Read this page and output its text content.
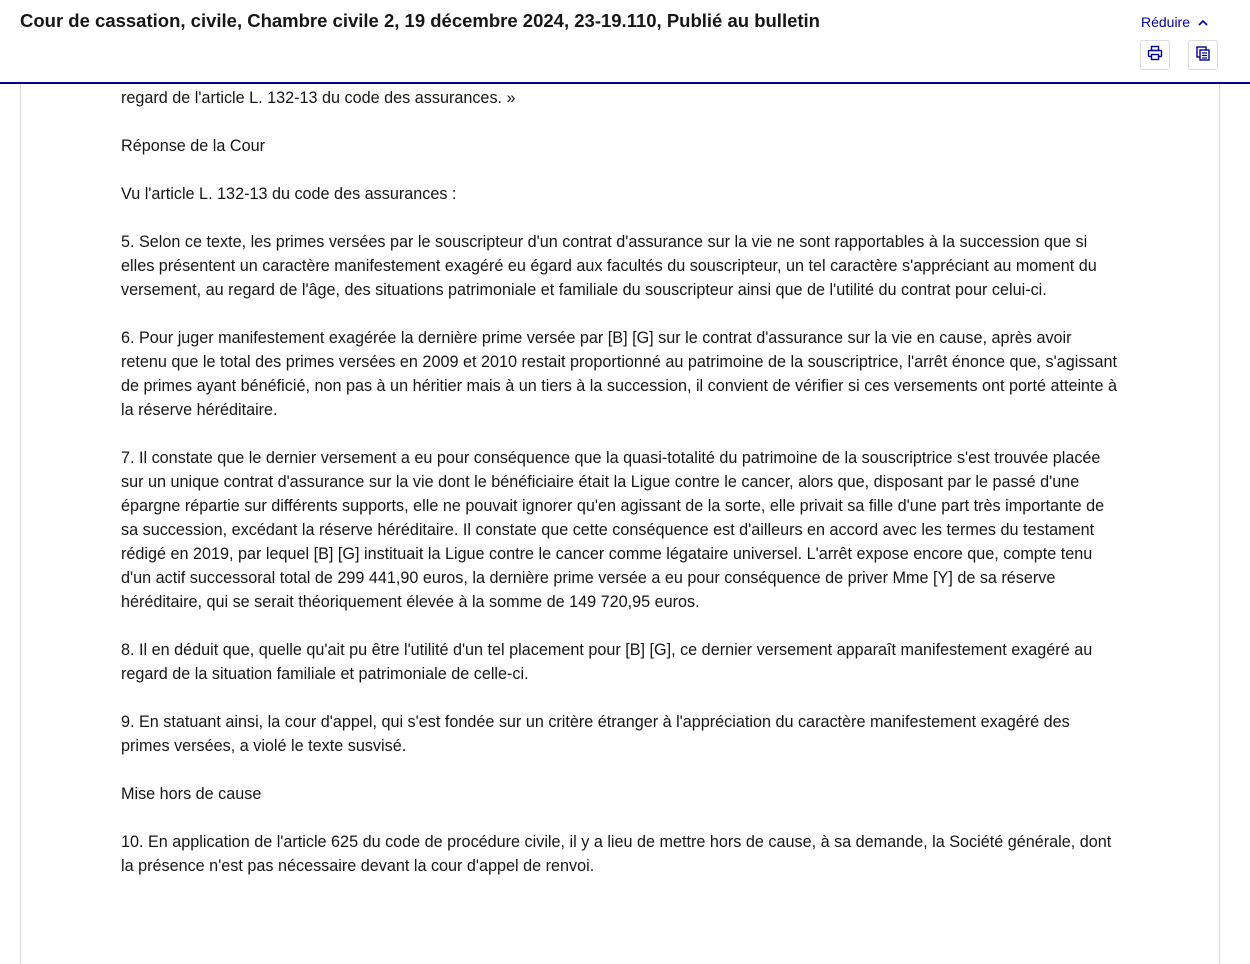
Cour de cassation, civile, Chambre civile 2, 19 décembre 2024, 23-19.110, Publié au bulletin	Réduire

regard de l'article L. 132-13 du code des assurances. »

Réponse de la Cour

Vu l'article L. 132-13 du code des assurances :

5. Selon ce texte, les primes versées par le souscripteur d'un contrat d'assurance sur la vie ne sont rapportables à la succession que si elles présentent un caractère manifestement exagéré eu égard aux facultés du souscripteur, un tel caractère s'appréciant au moment du versement, au regard de l'âge, des situations patrimoniale et familiale du souscripteur ainsi que de l'utilité du contrat pour celui-ci.

6. Pour juger manifestement exagérée la dernière prime versée par [B] [G] sur le contrat d'assurance sur la vie en cause, après avoir retenu que le total des primes versées en 2009 et 2010 restait proportionné au patrimoine de la souscriptrice, l'arrêt énonce que, s'agissant de primes ayant bénéficié, non pas à un héritier mais à un tiers à la succession, il convient de vérifier si ces versements ont porté atteinte à la réserve héréditaire.

7. Il constate que le dernier versement a eu pour conséquence que la quasi-totalité du patrimoine de la souscriptrice s'est trouvée placée sur un unique contrat d'assurance sur la vie dont le bénéficiaire était la Ligue contre le cancer, alors que, disposant par le passé d'une épargne répartie sur différents supports, elle ne pouvait ignorer qu'en agissant de la sorte, elle privait sa fille d'une part très importante de sa succession, excédant la réserve héréditaire. Il constate que cette conséquence est d'ailleurs en accord avec les termes du testament rédigé en 2019, par lequel [B] [G] instituait la Ligue contre le cancer comme légataire universel. L'arrêt expose encore que, compte tenu d'un actif successoral total de 299 441,90 euros, la dernière prime versée a eu pour conséquence de priver Mme [Y] de sa réserve héréditaire, qui se serait théoriquement élevée à la somme de 149 720,95 euros.

8. Il en déduit que, quelle qu'ait pu être l'utilité d'un tel placement pour [B] [G], ce dernier versement apparaît manifestement exagéré au regard de la situation familiale et patrimoniale de celle-ci.

9. En statuant ainsi, la cour d'appel, qui s'est fondée sur un critère étranger à l'appréciation du caractère manifestement exagéré des primes versées, a violé le texte susvisé.

Mise hors de cause

10. En application de l'article 625 du code de procédure civile, il y a lieu de mettre hors de cause, à sa demande, la Société générale, dont la présence n'est pas nécessaire devant la cour d'appel de renvoi.
